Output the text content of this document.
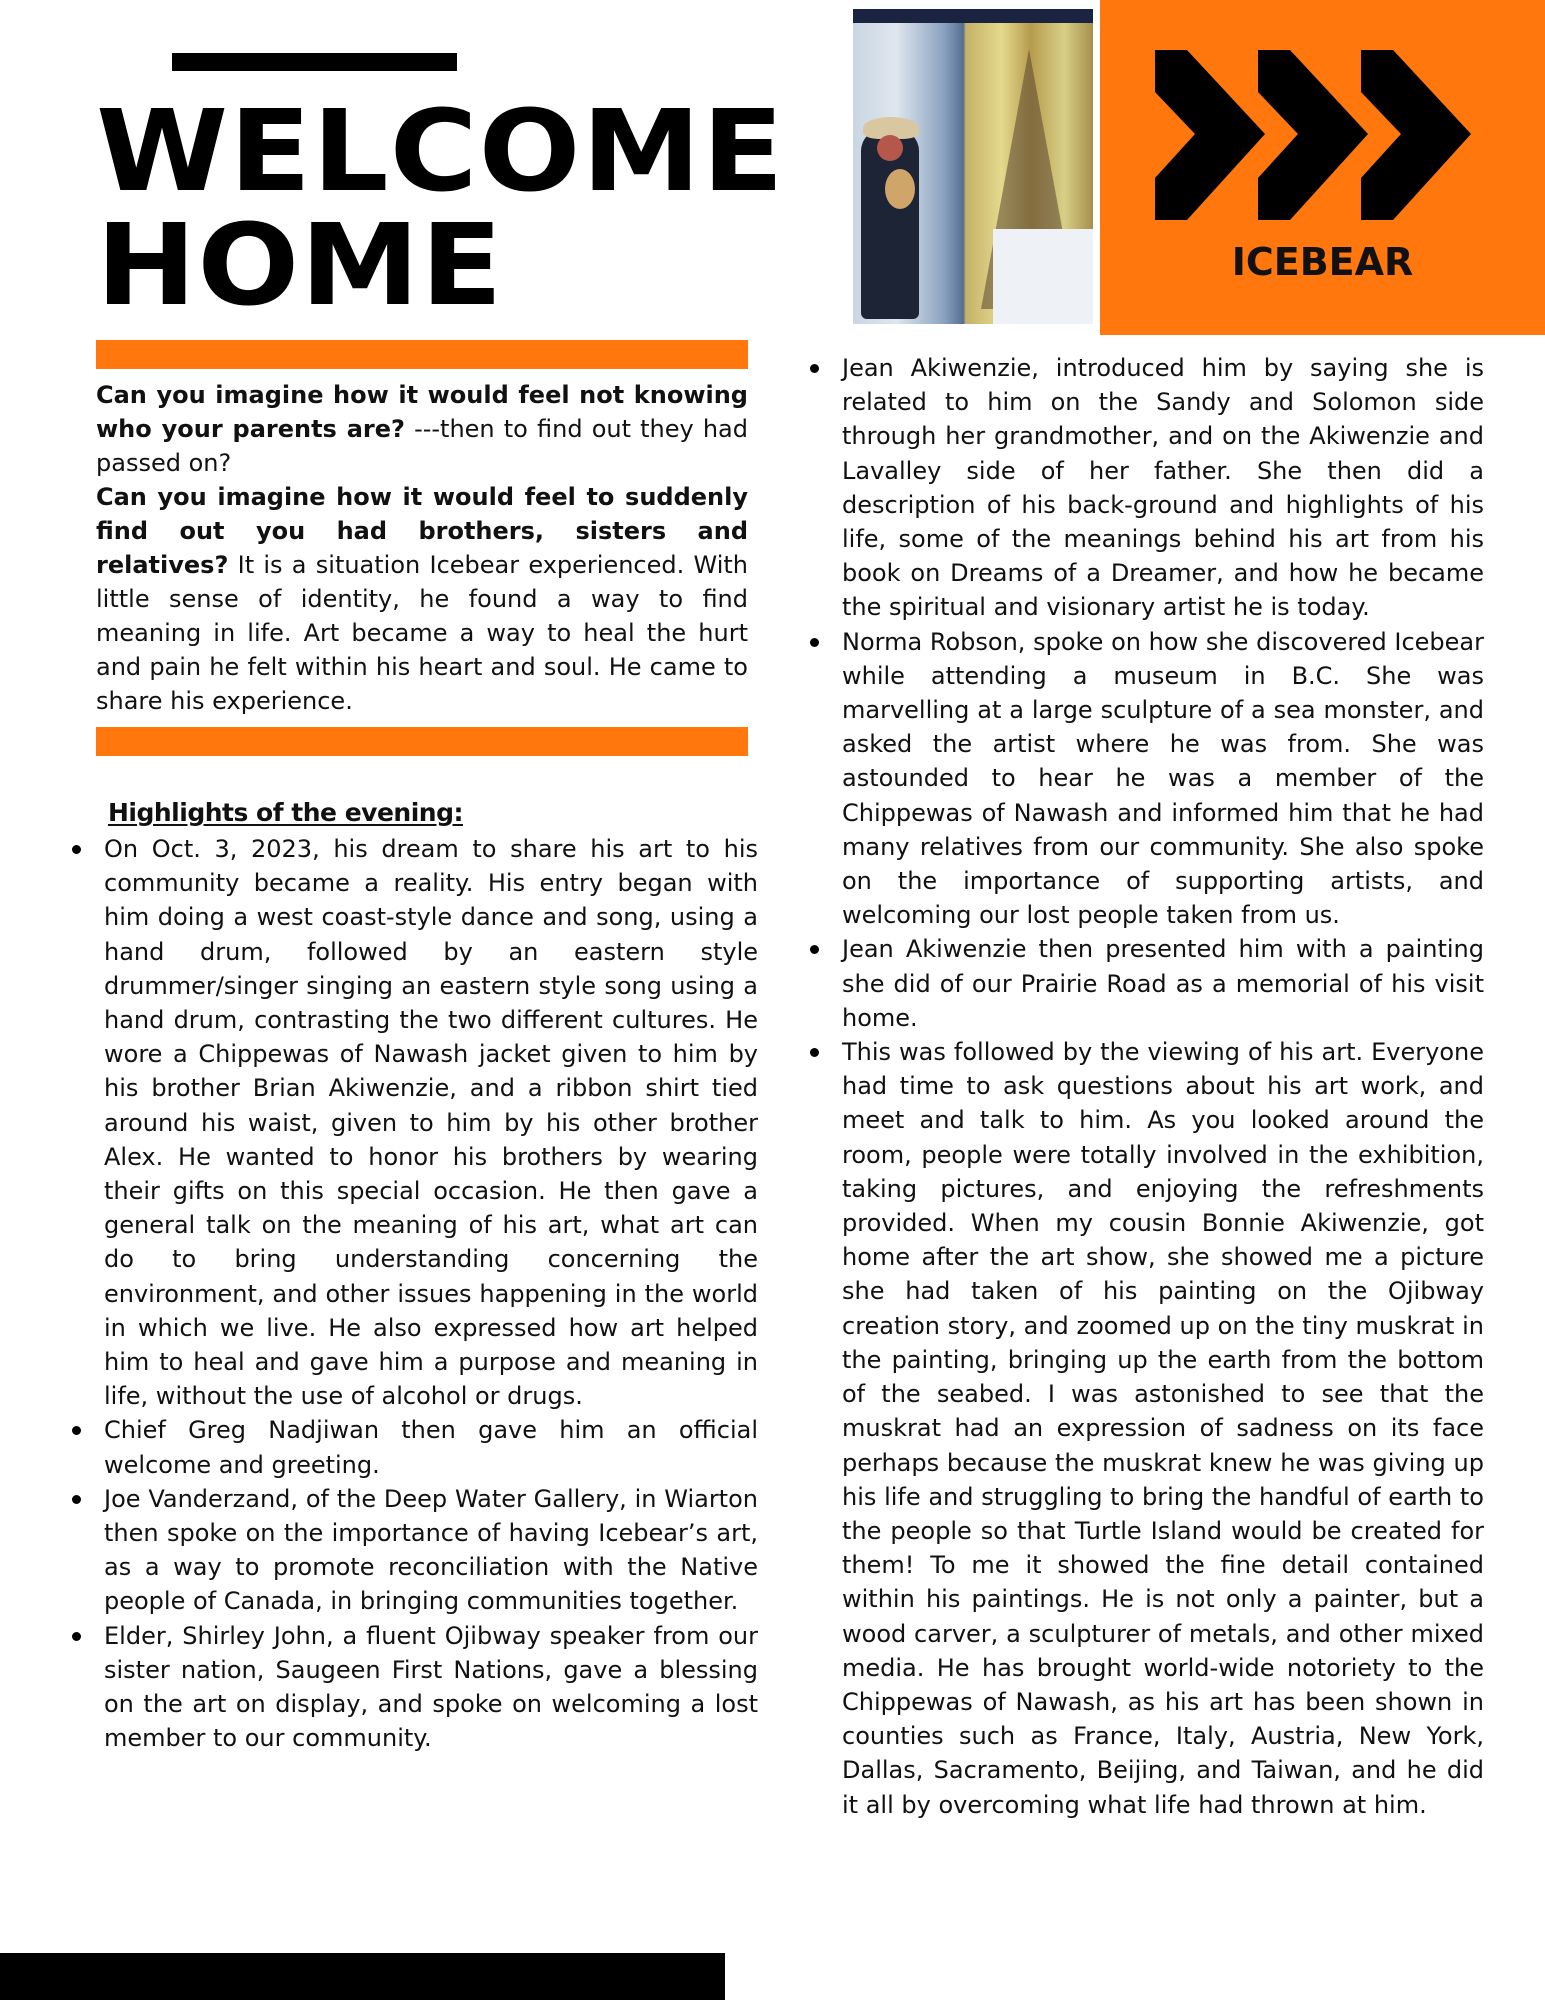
WELCOME
HOME	ICEBEAR

Can you imagine how it would feel not knowing who your parents are? ---then to find out they had passed on?
Can you imagine how it would feel to suddenly find out you had brothers, sisters and relatives? It is a situation Icebear experienced. With little sense of identity, he found a way to find meaning in life. Art became a way to heal the hurt and pain he felt within his heart and soul. He came to share his experience.

Highlights of the evening:
On Oct. 3, 2023, his dream to share his art to his community became a reality. His entry began with him doing a west coast-style dance and song, using a hand drum, followed by an eastern style drummer/singer singing an eastern style song using a hand drum, contrasting the two different cultures. He wore a Chippewas of Nawash jacket given to him by his brother Brian Akiwenzie, and a ribbon shirt tied around his waist, given to him by his other brother Alex. He wanted to honor his brothers by wearing their gifts on this special occasion. He then gave a general talk on the meaning of his art, what art can do to bring understanding concerning the environment, and other issues happening in the world in which we live. He also expressed how art helped him to heal and gave him a purpose and meaning in life, without the use of alcohol or drugs.
Chief Greg Nadjiwan then gave him an official welcome and greeting.
Joe Vanderzand, of the Deep Water Gallery, in Wiarton then spoke on the importance of having Icebear’s art, as a way to promote reconciliation with the Native people of Canada, in bringing communities together.
Elder, Shirley John, a fluent Ojibway speaker from our sister nation, Saugeen First Nations, gave a blessing on the art on display, and spoke on welcoming a lost member to our community.
Jean Akiwenzie, introduced him by saying she is related to him on the Sandy and Solomon side through her grandmother, and on the Akiwenzie and Lavalley side of her father. She then did a description of his back-ground and highlights of his life, some of the meanings behind his art from his book on Dreams of a Dreamer, and how he became the spiritual and visionary artist he is today.
Norma Robson, spoke on how she discovered Icebear while attending a museum in B.C. She was marvelling at a large sculpture of a sea monster, and asked the artist where he was from. She was astounded to hear he was a member of the Chippewas of Nawash and informed him that he had many relatives from our community. She also spoke on the importance of supporting artists, and welcoming our lost people taken from us.
Jean Akiwenzie then presented him with a painting she did of our Prairie Road as a memorial of his visit home.
This was followed by the viewing of his art. Everyone had time to ask questions about his art work, and meet and talk to him. As you looked around the room, people were totally involved in the exhibition, taking pictures, and enjoying the refreshments provided. When my cousin Bonnie Akiwenzie, got home after the art show, she showed me a picture she had taken of his painting on the Ojibway creation story, and zoomed up on the tiny muskrat in the painting, bringing up the earth from the bottom of the seabed. I was astonished to see that the muskrat had an expression of sadness on its face perhaps because the muskrat knew he was giving up his life and struggling to bring the handful of earth to the people so that Turtle Island would be created for them! To me it showed the fine detail contained within his paintings. He is not only a painter, but a wood carver, a sculpturer of metals, and other mixed media. He has brought world-wide notoriety to the Chippewas of Nawash, as his art has been shown in counties such as France, Italy, Austria, New York, Dallas, Sacramento, Beijing, and Taiwan, and he did it all by overcoming what life had thrown at him.
